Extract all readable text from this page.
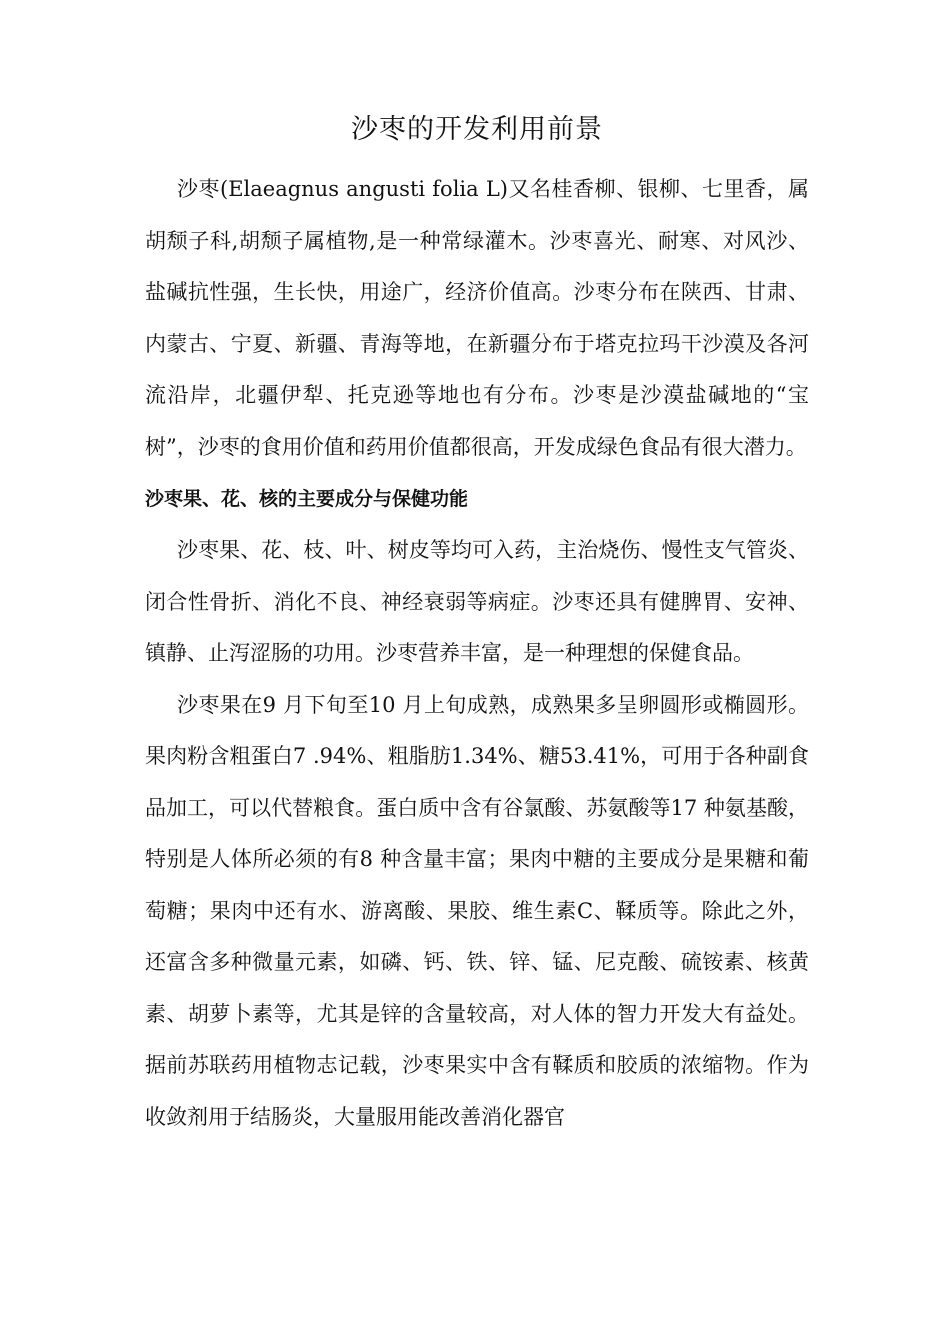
沙枣的开发利用前景

沙枣(Elaeagnus angusti folia L)又名桂香柳、银柳、七里香，属胡颓子科,胡颓子属植物,是一种常绿灌木。沙枣喜光、耐寒、对风沙、盐碱抗性强，生长快，用途广，经济价值高。沙枣分布在陕西、甘肃、内蒙古、宁夏、新疆、青海等地，在新疆分布于塔克拉玛干沙漠及各河流沿岸，北疆伊犁、托克逊等地也有分布。沙枣是沙漠盐碱地的“宝树”，沙枣的食用价值和药用价值都很高，开发成绿色食品有很大潜力。

沙枣果、花、核的主要成分与保健功能

沙枣果、花、枝、叶、树皮等均可入药，主治烧伤、慢性支气管炎、闭合性骨折、消化不良、神经衰弱等病症。沙枣还具有健脾胃、安神、镇静、止泻涩肠的功用。沙枣营养丰富，是一种理想的保健食品。

沙枣果在9 月下旬至10 月上旬成熟，成熟果多呈卵圆形或椭圆形。果肉粉含粗蛋白7 .94%、粗脂肪1.34%、糖53.41%，可用于各种副食品加工，可以代替粮食。蛋白质中含有谷氯酸、苏氨酸等17 种氨基酸，特别是人体所必须的有8 种含量丰富；果肉中糖的主要成分是果糖和葡萄糖；果肉中还有水、游离酸、果胶、维生素C、鞣质等。除此之外，还富含多种微量元素，如磷、钙、铁、锌、锰、尼克酸、硫铵素、核黄素、胡萝卜素等，尤其是锌的含量较高，对人体的智力开发大有益处。 据前苏联药用植物志记载，沙枣果实中含有鞣质和胶质的浓缩物。作为收敛剂用于结肠炎，大量服用能改善消化器官
